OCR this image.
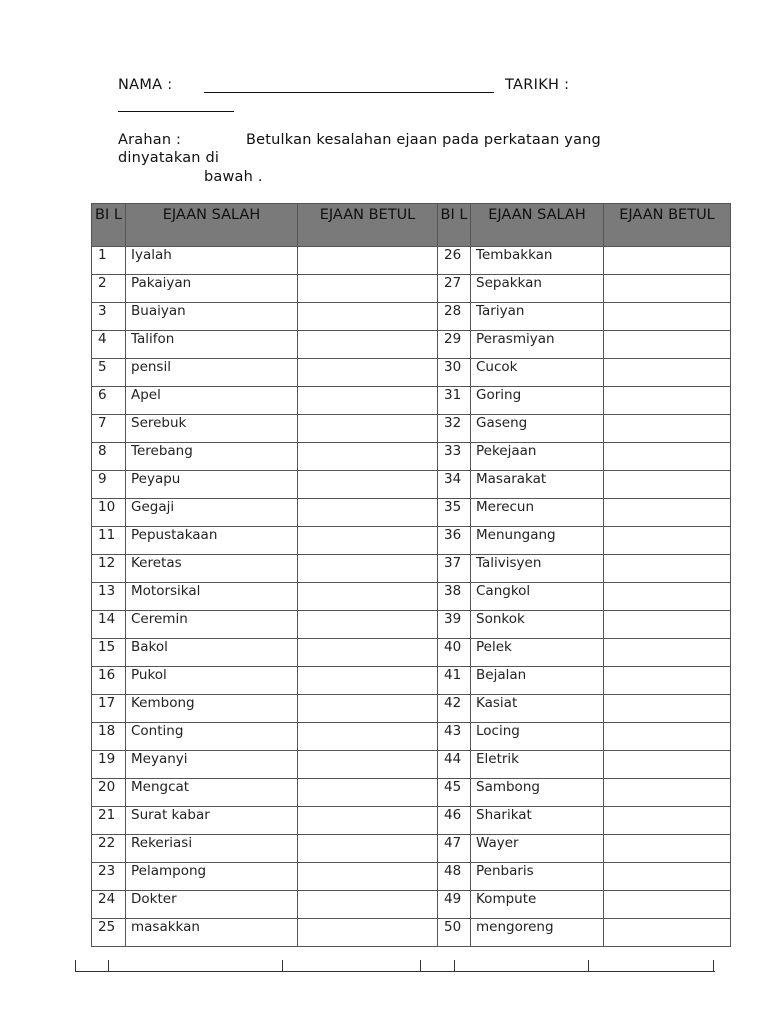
NAMA :	TARIKH :
Arahan :	Betulkan kesalahan ejaan pada perkataan yang
dinyatakan di
bawah .
BI L	EJAAN SALAH	EJAAN BETUL	BI L	EJAAN SALAH	EJAAN BETUL
1	Iyalah		26	Tembakkan	
2	Pakaiyan		27	Sepakkan	
3	Buaiyan		28	Tariyan	
4	Talifon		29	Perasmiyan	
5	pensil		30	Cucok	
6	Apel		31	Goring	
7	Serebuk		32	Gaseng	
8	Terebang		33	Pekejaan	
9	Peyapu		34	Masarakat	
10	Gegaji		35	Merecun	
11	Pepustakaan		36	Menungang	
12	Keretas		37	Talivisyen	
13	Motorsikal		38	Cangkol	
14	Ceremin		39	Sonkok	
15	Bakol		40	Pelek	
16	Pukol		41	Bejalan	
17	Kembong		42	Kasiat	
18	Conting		43	Locing	
19	Meyanyi		44	Eletrik	
20	Mengcat		45	Sambong	
21	Surat kabar		46	Sharikat	
22	Rekeriasi		47	Wayer	
23	Pelampong		48	Penbaris	
24	Dokter		49	Kompute	
25	masakkan		50	mengoreng	
